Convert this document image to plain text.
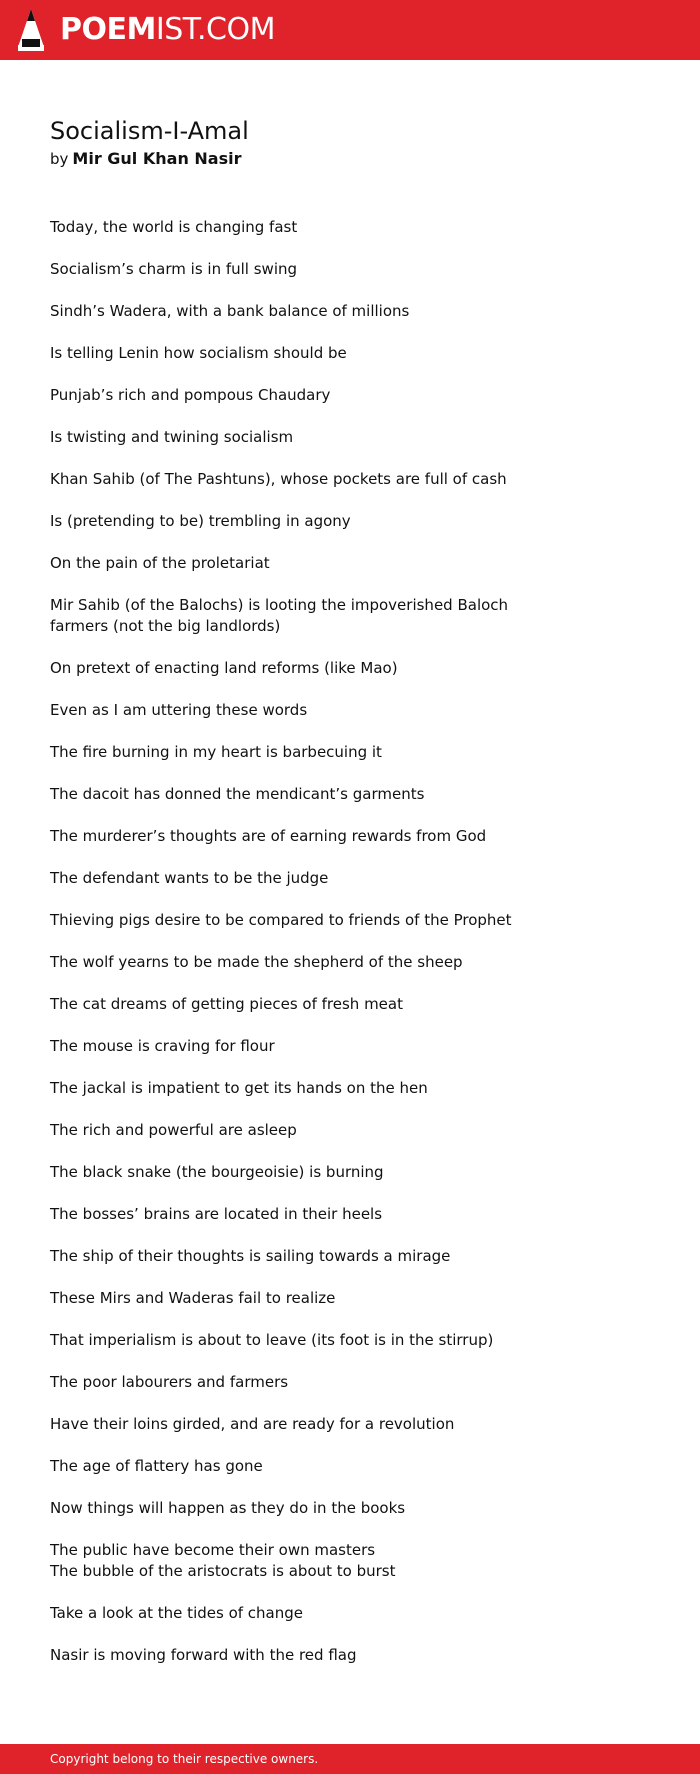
POEMIST.COM
Socialism-I-Amal
by Mir Gul Khan Nasir
Today, the world is changing fast
Socialism’s charm is in full swing
Sindh’s Wadera, with a bank balance of millions
Is telling Lenin how socialism should be
Punjab’s rich and pompous Chaudary
Is twisting and twining socialism
Khan Sahib (of The Pashtuns), whose pockets are full of cash
Is (pretending to be) trembling in agony
On the pain of the proletariat
Mir Sahib (of the Balochs) is looting the impoverished Baloch farmers (not the big landlords)
On pretext of enacting land reforms (like Mao)
Even as I am uttering these words
The fire burning in my heart is barbecuing it
The dacoit has donned the mendicant’s garments
The murderer’s thoughts are of earning rewards from God
The defendant wants to be the judge
Thieving pigs desire to be compared to friends of the Prophet
The wolf yearns to be made the shepherd of the sheep
The cat dreams of getting pieces of fresh meat
The mouse is craving for flour
The jackal is impatient to get its hands on the hen
The rich and powerful are asleep
The black snake (the bourgeoisie) is burning
The bosses’ brains are located in their heels
The ship of their thoughts is sailing towards a mirage
These Mirs and Waderas fail to realize
That imperialism is about to leave (its foot is in the stirrup)
The poor labourers and farmers
Have their loins girded, and are ready for a revolution
The age of flattery has gone
Now things will happen as they do in the books
The public have become their own masters
The bubble of the aristocrats is about to burst
Take a look at the tides of change
Nasir is moving forward with the red flag
Copyright belong to their respective owners.
